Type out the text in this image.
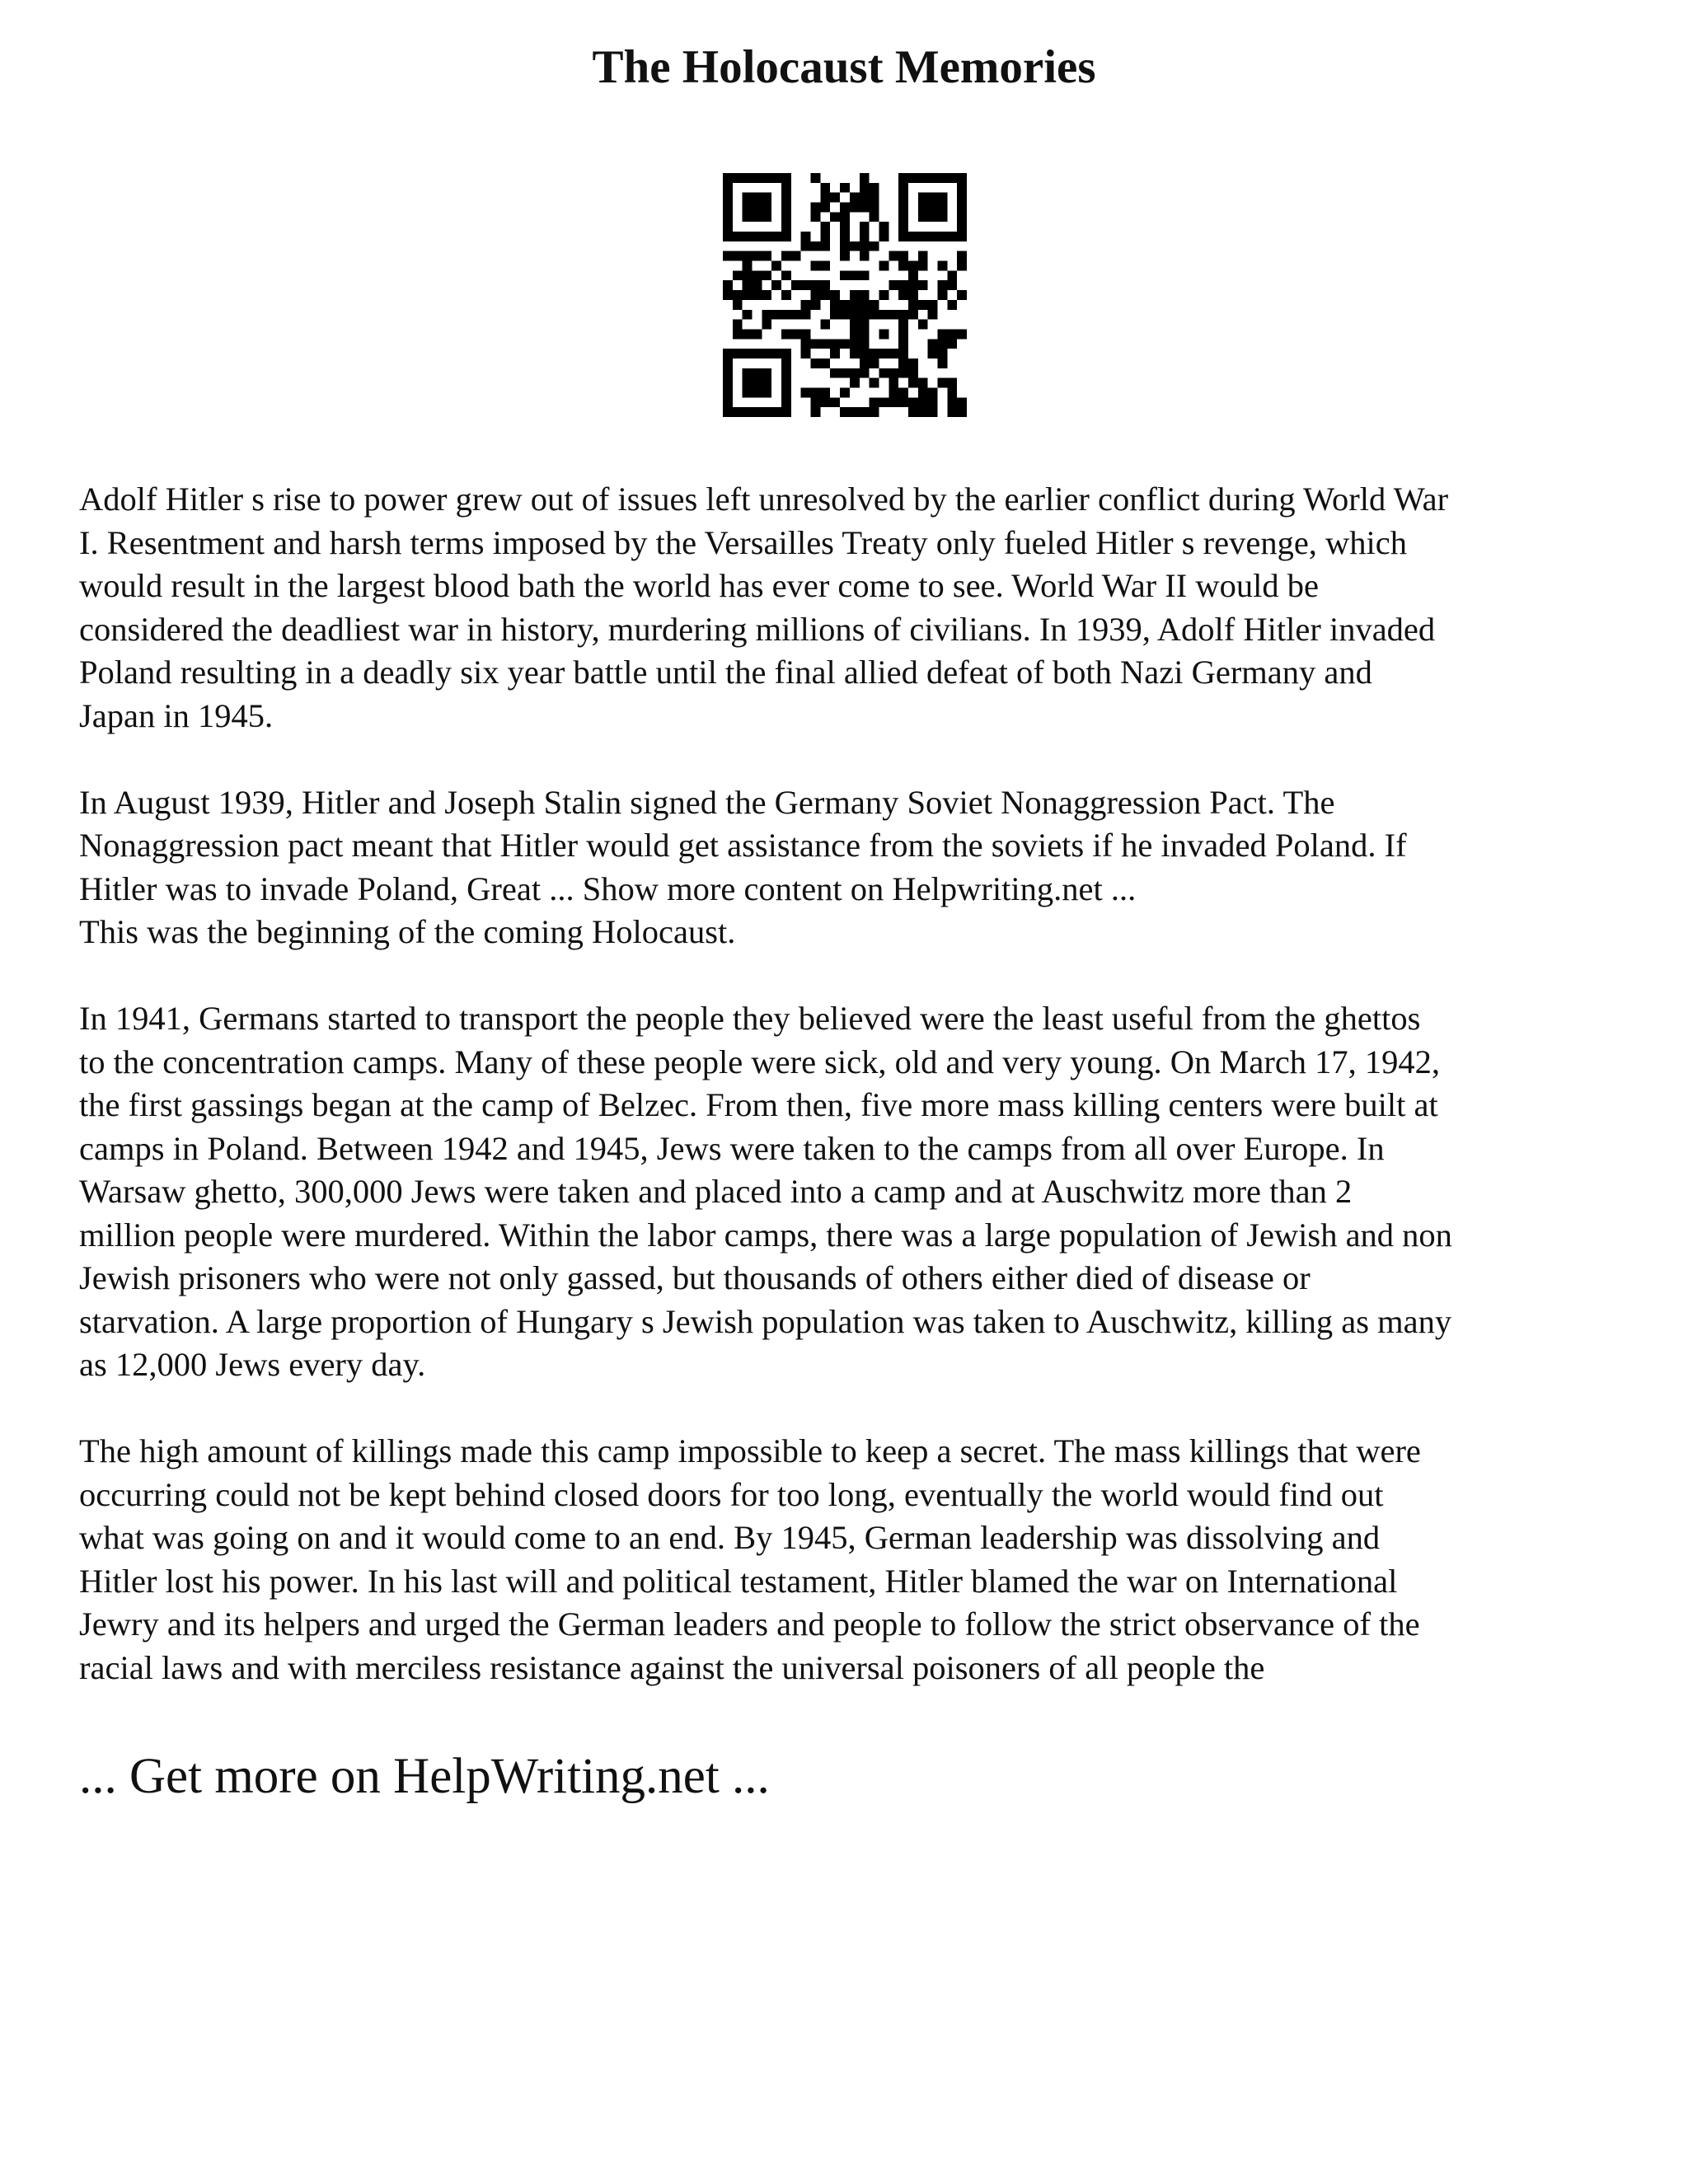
The Holocaust Memories

Adolf Hitler s rise to power grew out of issues left unresolved by the earlier conflict during World War
I. Resentment and harsh terms imposed by the Versailles Treaty only fueled Hitler s revenge, which
would result in the largest blood bath the world has ever come to see. World War II would be
considered the deadliest war in history, murdering millions of civilians. In 1939, Adolf Hitler invaded
Poland resulting in a deadly six year battle until the final allied defeat of both Nazi Germany and
Japan in 1945.

In August 1939, Hitler and Joseph Stalin signed the Germany Soviet Nonaggression Pact. The
Nonaggression pact meant that Hitler would get assistance from the soviets if he invaded Poland. If
Hitler was to invade Poland, Great ... Show more content on Helpwriting.net ...
This was the beginning of the coming Holocaust.

In 1941, Germans started to transport the people they believed were the least useful from the ghettos
to the concentration camps. Many of these people were sick, old and very young. On March 17, 1942,
the first gassings began at the camp of Belzec. From then, five more mass killing centers were built at
camps in Poland. Between 1942 and 1945, Jews were taken to the camps from all over Europe. In
Warsaw ghetto, 300,000 Jews were taken and placed into a camp and at Auschwitz more than 2
million people were murdered. Within the labor camps, there was a large population of Jewish and non
Jewish prisoners who were not only gassed, but thousands of others either died of disease or
starvation. A large proportion of Hungary s Jewish population was taken to Auschwitz, killing as many
as 12,000 Jews every day.

The high amount of killings made this camp impossible to keep a secret. The mass killings that were
occurring could not be kept behind closed doors for too long, eventually the world would find out
what was going on and it would come to an end. By 1945, German leadership was dissolving and
Hitler lost his power. In his last will and political testament, Hitler blamed the war on International
Jewry and its helpers and urged the German leaders and people to follow the strict observance of the
racial laws and with merciless resistance against the universal poisoners of all people the

... Get more on HelpWriting.net ...
